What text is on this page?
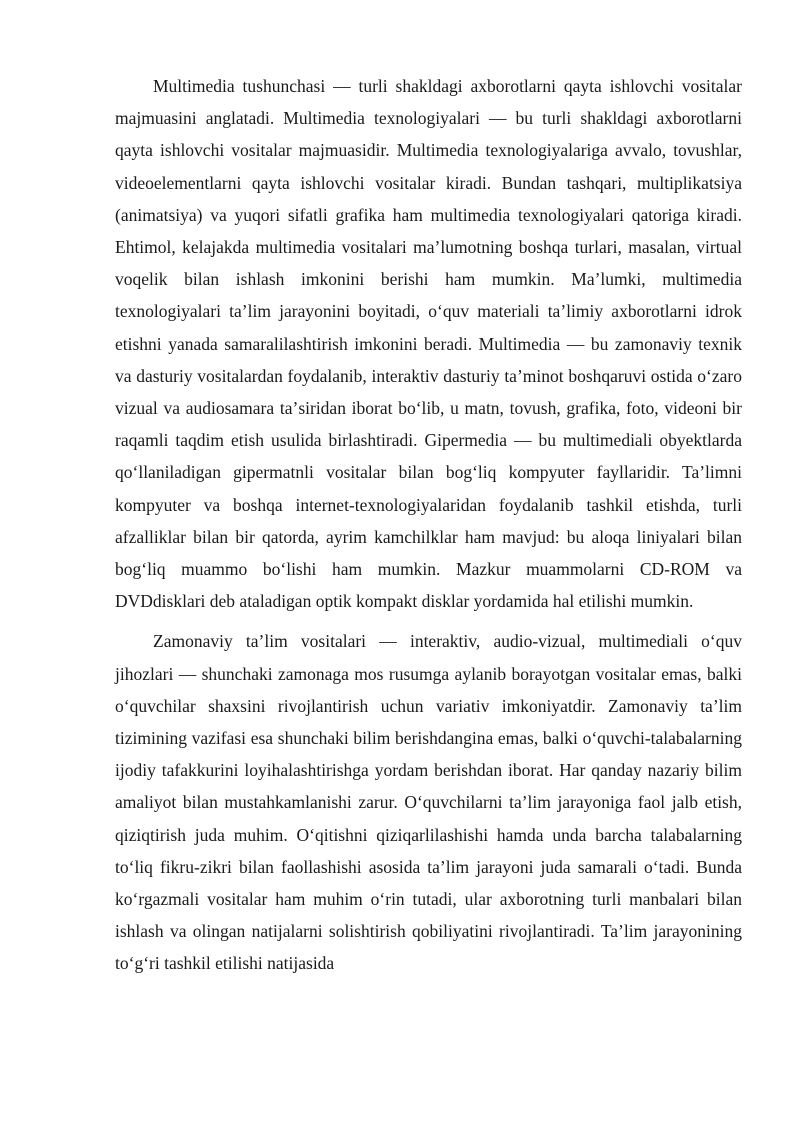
Multimedia tushunchasi — turli shakldagi axborotlarni qayta ishlovchi vositalar majmuasini anglatadi. Multimedia texnologiyalari — bu turli shakldagi axborotlarni qayta ishlovchi vositalar majmuasidir. Multimedia texnologiyalariga avvalo, tovushlar, videoelementlarni qayta ishlovchi vositalar kiradi. Bundan tashqari, multiplikatsiya (animatsiya) va yuqori sifatli grafika ham multimedia texnologiyalari qatoriga kiradi. Ehtimol, kelajakda multimedia vositalari maʼlumotning boshqa turlari, masalan, virtual voqelik bilan ishlash imkonini berishi ham mumkin. Maʼlumki, multimedia texnologiyalari taʼlim jarayonini boyitadi, oʻquv materiali taʼlimiy axborotlarni idrok etishni yanada samaralilashtirish imkonini beradi. Multimedia — bu zamonaviy texnik va dasturiy vositalardan foydalanib, interaktiv dasturiy taʼminot boshqaruvi ostida oʻzaro vizual va audiosamara taʼsiridan iborat boʻlib, u matn, tovush, grafika, foto, videoni bir raqamli taqdim etish usulida birlashtiradi. Gipermedia — bu multimediali obyektlarda qoʻllaniladigan gipermatnli vositalar bilan bogʻliq kompyuter fayllaridir. Taʼlimni kompyuter va boshqa internet-texnologiyalaridan foydalanib tashkil etishda, turli afzalliklar bilan bir qatorda, ayrim kamchilklar ham mavjud: bu aloqa liniyalari bilan bogʻliq muammo boʻlishi ham mumkin. Mazkur muammolarni CD-ROM va DVDdisklari deb ataladigan optik kompakt disklar yordamida hal etilishi mumkin.

Zamonaviy taʼlim vositalari — interaktiv, audio-vizual, multimediali oʻquv jihozlari — shunchaki zamonaga mos rusumga aylanib borayotgan vositalar emas, balki oʻquvchilar shaxsini rivojlantirish uchun variativ imkoniyatdir. Zamonaviy taʼlim tizimining vazifasi esa shunchaki bilim berishdangina emas, balki oʻquvchi-talabalarning ijodiy tafakkurini loyihalashtirishga yordam berishdan iborat. Har qanday nazariy bilim amaliyot bilan mustahkamlanishi zarur. Oʻquvchilarni taʼlim jarayoniga faol jalb etish, qiziqtirish juda muhim. Oʻqitishni qiziqarlilashishi hamda unda barcha talabalarning toʻliq fikru-zikri bilan faollashishi asosida taʼlim jarayoni juda samarali oʻtadi. Bunda koʻrgazmali vositalar ham muhim oʻrin tutadi, ular axborotning turli manbalari bilan ishlash va olingan natijalarni solishtirish qobiliyatini rivojlantiradi. Taʼlim jarayonining toʻgʻri tashkil etilishi natijasida
